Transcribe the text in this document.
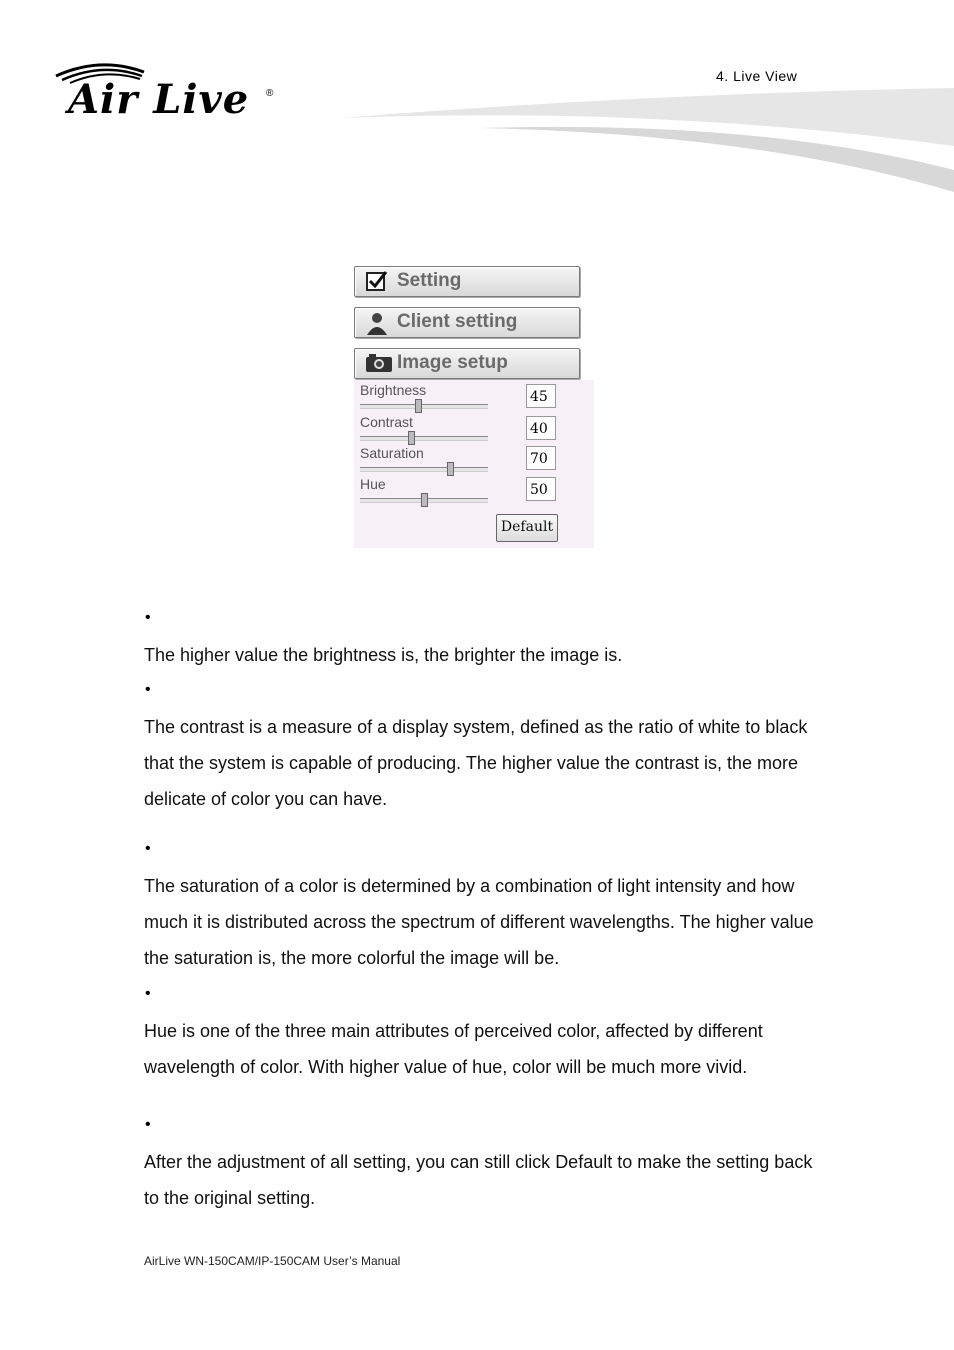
Air Live ®
4. Live View
Setting
Client setting
Image setup
Brightness	45
Contrast	40
Saturation	70
Hue	50
Default
•
The higher value the brightness is, the brighter the image is.
•
The contrast is a measure of a display system, defined as the ratio of white to black that the system is capable of producing. The higher value the contrast is, the more delicate of color you can have.
•
The saturation of a color is determined by a combination of light intensity and how much it is distributed across the spectrum of different wavelengths. The higher value the saturation is, the more colorful the image will be.
•
Hue is one of the three main attributes of perceived color, affected by different wavelength of color. With higher value of hue, color will be much more vivid.
•
After the adjustment of all setting, you can still click Default to make the setting back to the original setting.
AirLive WN-150CAM/IP-150CAM User’s Manual
